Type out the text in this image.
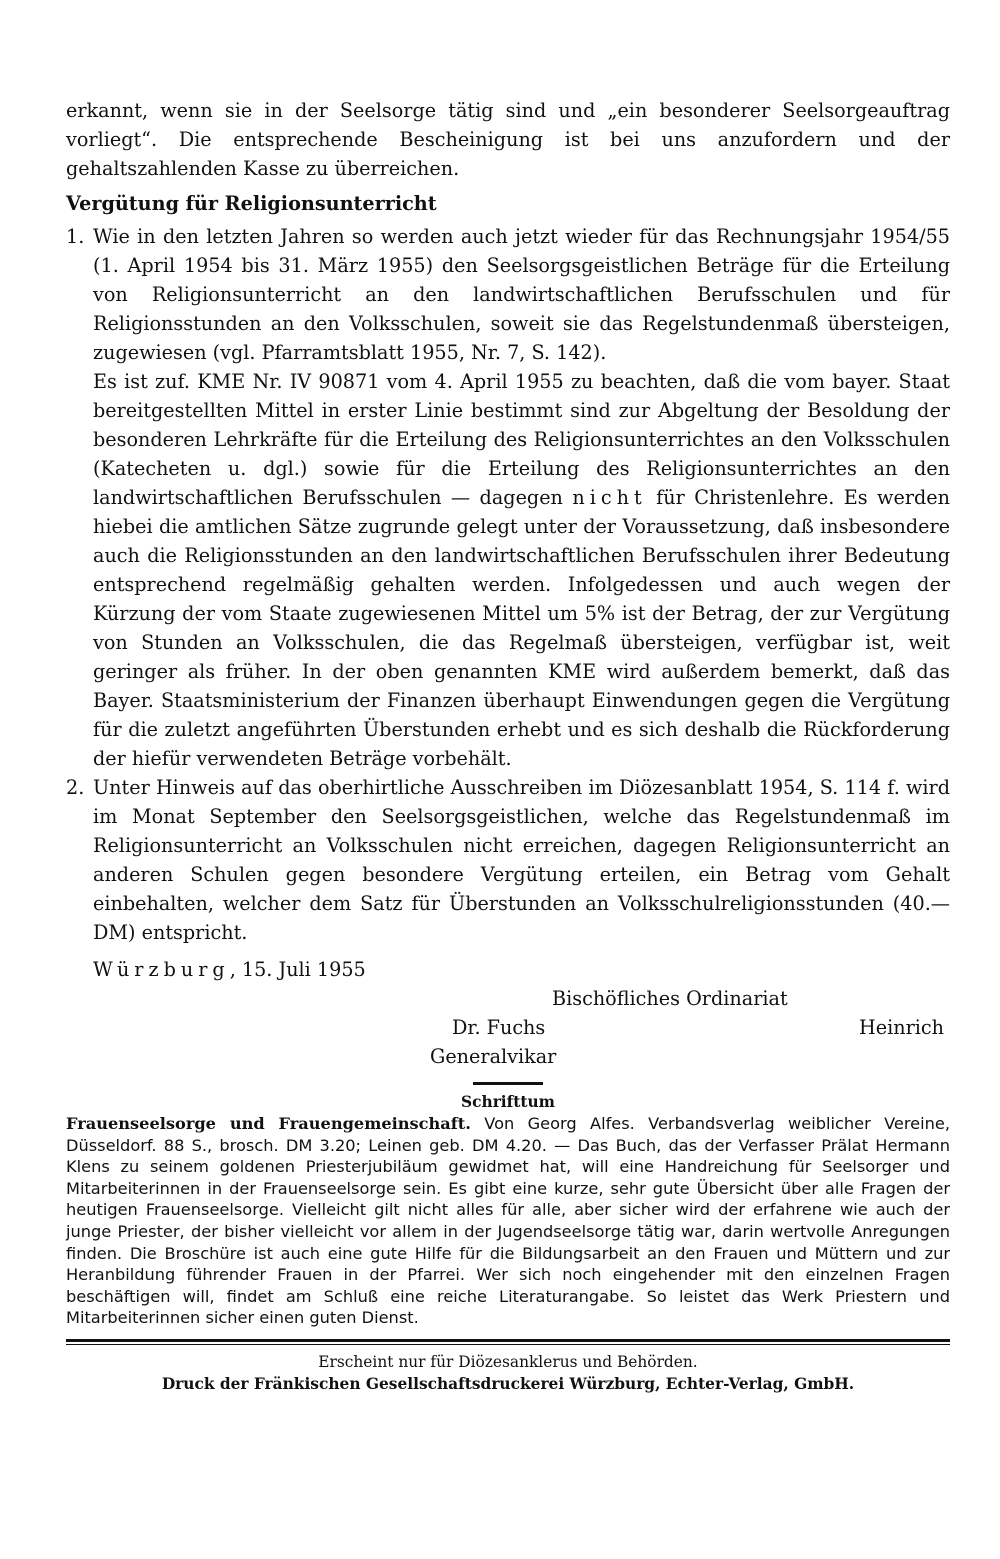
erkannt, wenn sie in der Seelsorge tätig sind und „ein besonderer Seelsorgeauftrag vorliegt“. Die entsprechende Bescheinigung ist bei uns anzufordern und der gehaltszahlenden Kasse zu überreichen.

Vergütung für Religionsunterricht
1. Wie in den letzten Jahren so werden auch jetzt wieder für das Rechnungsjahr 1954/55 (1. April 1954 bis 31. März 1955) den Seelsorgsgeistlichen Beträge für die Erteilung von Religionsunterricht an den landwirtschaftlichen Berufsschulen und für Religionsstunden an den Volksschulen, soweit sie das Regelstundenmaß übersteigen, zugewiesen (vgl. Pfarramtsblatt 1955, Nr. 7, S. 142).

Es ist zuf. KME Nr. IV 90871 vom 4. April 1955 zu beachten, daß die vom bayer. Staat bereitgestellten Mittel in erster Linie bestimmt sind zur Abgeltung der Besoldung der besonderen Lehrkräfte für die Erteilung des Religionsunterrichtes an den Volksschulen (Katecheten u. dgl.) sowie für die Erteilung des Religionsunterrichtes an den landwirtschaftlichen Berufsschulen — dagegen nicht für Christenlehre. Es werden hiebei die amtlichen Sätze zugrunde gelegt unter der Voraussetzung, daß insbesondere auch die Religionsstunden an den landwirtschaftlichen Berufsschulen ihrer Bedeutung entsprechend regelmäßig gehalten werden. Infolgedessen und auch wegen der Kürzung der vom Staate zugewiesenen Mittel um 5% ist der Betrag, der zur Vergütung von Stunden an Volksschulen, die das Regelmaß übersteigen, verfügbar ist, weit geringer als früher. In der oben genannten KME wird außerdem bemerkt, daß das Bayer. Staatsministerium der Finanzen überhaupt Einwendungen gegen die Vergütung für die zuletzt angeführten Überstunden erhebt und es sich deshalb die Rückforderung der hiefür verwendeten Beträge vorbehält.

2. Unter Hinweis auf das oberhirtliche Ausschreiben im Diözesanblatt 1954, S. 114 f. wird im Monat September den Seelsorgsgeistlichen, welche das Regelstundenmaß im Religionsunterricht an Volksschulen nicht erreichen, dagegen Religionsunterricht an anderen Schulen gegen besondere Vergütung erteilen, ein Betrag vom Gehalt einbehalten, welcher dem Satz für Überstunden an Volksschulreligionsstunden (40.— DM) entspricht.

Würzburg, 15. Juli 1955
Bischöfliches Ordinariat
Dr. Fuchs	Heinrich
Generalvikar
Schrifttum

Frauenseelsorge und Frauengemeinschaft. Von Georg Alfes. Verbandsverlag weiblicher Vereine, Düsseldorf. 88 S., brosch. DM 3.20; Leinen geb. DM 4.20. — Das Buch, das der Verfasser Prälat Hermann Klens zu seinem goldenen Priesterjubiläum gewidmet hat, will eine Handreichung für Seelsorger und Mitarbeiterinnen in der Frauenseelsorge sein. Es gibt eine kurze, sehr gute Übersicht über alle Fragen der heutigen Frauenseelsorge. Vielleicht gilt nicht alles für alle, aber sicher wird der erfahrene wie auch der junge Priester, der bisher vielleicht vor allem in der Jugendseelsorge tätig war, darin wertvolle Anregungen finden. Die Broschüre ist auch eine gute Hilfe für die Bildungsarbeit an den Frauen und Müttern und zur Heranbildung führender Frauen in der Pfarrei. Wer sich noch eingehender mit den einzelnen Fragen beschäftigen will, findet am Schluß eine reiche Literaturangabe. So leistet das Werk Priestern und Mitarbeiterinnen sicher einen guten Dienst.

Erscheint nur für Diözesanklerus und Behörden.
Druck der Fränkischen Gesellschaftsdruckerei Würzburg, Echter-Verlag, GmbH.
